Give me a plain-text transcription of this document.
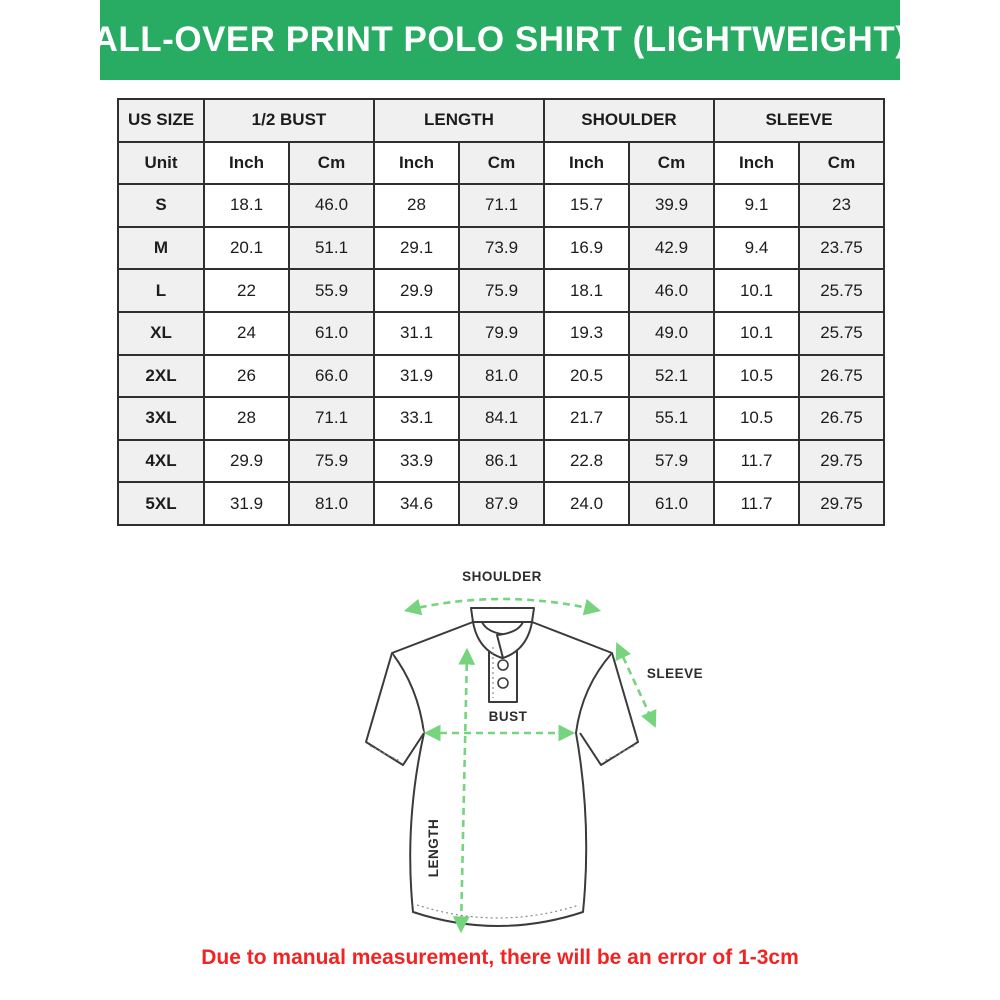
ALL-OVER PRINT POLO SHIRT (LIGHTWEIGHT)
US SIZE	1/2 BUST		LENGTH		SHOULDER		SLEEVE	
Unit	Inch	Cm	Inch	Cm	Inch	Cm	Inch	Cm
S	18.1	46.0	28	71.1	15.7	39.9	9.1	23
M	20.1	51.1	29.1	73.9	16.9	42.9	9.4	23.75
L	22	55.9	29.9	75.9	18.1	46.0	10.1	25.75
XL	24	61.0	31.1	79.9	19.3	49.0	10.1	25.75
2XL	26	66.0	31.9	81.0	20.5	52.1	10.5	26.75
3XL	28	71.1	33.1	84.1	21.7	55.1	10.5	26.75
4XL	29.9	75.9	33.9	86.1	22.8	57.9	11.7	29.75
5XL	31.9	81.0	34.6	87.9	24.0	61.0	11.7	29.75
SHOULDER
SLEEVE
BUST
LENGTH
Due to manual measurement, there will be an error of 1-3cm
